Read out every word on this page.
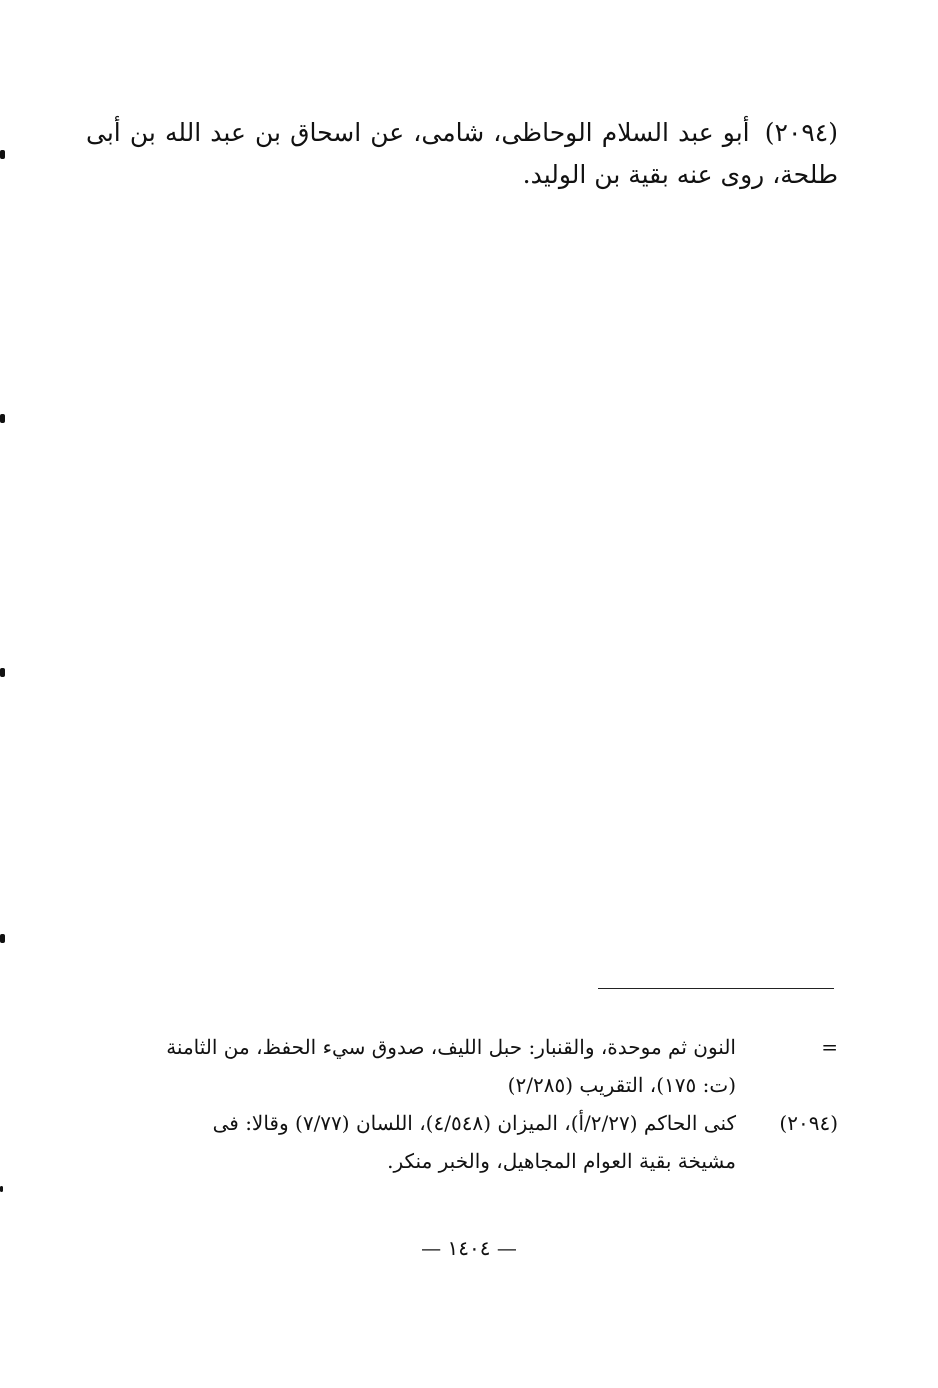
(٢٠٩٤) أبو عبد السلام الوحاظى، شامى، عن اسحاق بن عبد الله بن أبى طلحة، روى عنه بقية بن الوليد.
=
النون ثم موحدة، والقنبار: حبل الليف، صدوق سيء الحفظ، من الثامنة
(ت: ١٧٥)، التقريب (٢/٢٨٥)
(٢٠٩٤)
كنى الحاكم (٢/٢٧/أ)، الميزان (٤/٥٤٨)، اللسان (٧/٧٧) وقالا: فى
مشيخة بقية العوام المجاهيل، والخبر منكر.
— ١٤٠٤ —
